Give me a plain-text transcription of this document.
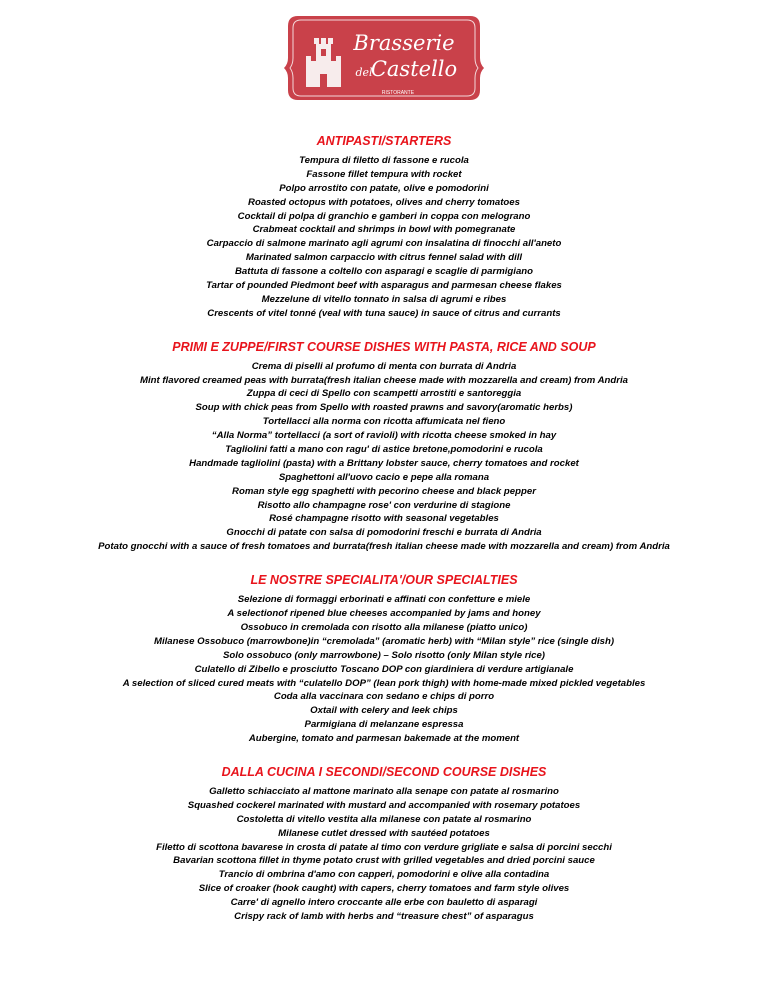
Brasserie
del
Castello
RISTORANTE
ANTIPASTI/STARTERS
Tempura di filetto di fassone e rucola
Fassone fillet tempura with rocket
Polpo arrostito con patate, olive e pomodorini
Roasted octopus with potatoes, olives and cherry tomatoes
Cocktail di polpa di granchio e gamberi in coppa con melograno
Crabmeat cocktail and shrimps in bowl with pomegranate
Carpaccio di salmone marinato agli agrumi con insalatina di finocchi all'aneto
Marinated salmon carpaccio with citrus fennel salad with dill
Battuta di fassone a coltello con asparagi e scaglie di parmigiano
Tartar of pounded Piedmont beef with asparagus and parmesan cheese flakes
Mezzelune di vitello tonnato in salsa di agrumi e ribes
Crescents of vitel tonné (veal with tuna sauce) in sauce of citrus and currants
PRIMI E ZUPPE/FIRST COURSE DISHES WITH PASTA, RICE AND SOUP
Crema di piselli al profumo di menta con burrata di Andria
Mint flavored creamed peas with burrata(fresh italian cheese made with mozzarella and cream) from Andria
Zuppa di ceci di Spello con scampetti arrostiti e santoreggia
Soup with chick peas from Spello with roasted prawns and savory(aromatic herbs)
Tortellacci alla norma con ricotta affumicata nel fieno
“Alla Norma” tortellacci (a sort of ravioli) with ricotta cheese smoked in hay
Tagliolini fatti a mano con ragu' di astice bretone,pomodorini e rucola
Handmade tagliolini (pasta) with a Brittany lobster sauce, cherry tomatoes and rocket
Spaghettoni all'uovo cacio e pepe alla romana
Roman style egg spaghetti with pecorino cheese and black pepper
Risotto allo champagne rose' con verdurine di stagione
Rosé champagne risotto with seasonal vegetables
Gnocchi di patate con salsa di pomodorini freschi e burrata di Andria
Potato gnocchi with a sauce of fresh tomatoes and burrata(fresh italian cheese made with mozzarella and cream) from Andria
LE NOSTRE SPECIALITA'/OUR SPECIALTIES
Selezione di formaggi erborinati e affinati con confetture e miele
A selectionof ripened blue cheeses accompanied by jams and honey
Ossobuco in cremolada con risotto alla milanese (piatto unico)
Milanese Ossobuco (marrowbone)in “cremolada” (aromatic herb) with “Milan style” rice (single dish)
Solo ossobuco (only marrowbone) – Solo risotto (only Milan style rice)
Culatello di Zibello e prosciutto Toscano DOP con giardiniera di verdure artigianale
A selection of sliced cured meats with “culatello DOP” (lean pork thigh) with home-made mixed pickled vegetables
Coda alla vaccinara con sedano e chips di porro
Oxtail with celery and leek chips
Parmigiana di melanzane espressa
Aubergine, tomato and parmesan bakemade at the moment
DALLA CUCINA I SECONDI/SECOND COURSE DISHES
Galletto schiacciato al mattone marinato alla senape con patate al rosmarino
Squashed cockerel marinated with mustard and accompanied with rosemary potatoes
Costoletta di vitello vestita alla milanese con patate al rosmarino
Milanese cutlet dressed with sautéed potatoes
Filetto di scottona bavarese in crosta di patate al timo con verdure grigliate e salsa di porcini secchi
Bavarian scottona fillet in thyme potato crust with grilled vegetables and dried porcini sauce
Trancio di ombrina d'amo con capperi, pomodorini e olive alla contadina
Slice of croaker (hook caught) with capers, cherry tomatoes and farm style olives
Carre' di agnello intero croccante alle erbe con bauletto di asparagi
Crispy rack of lamb with herbs and “treasure chest” of asparagus
